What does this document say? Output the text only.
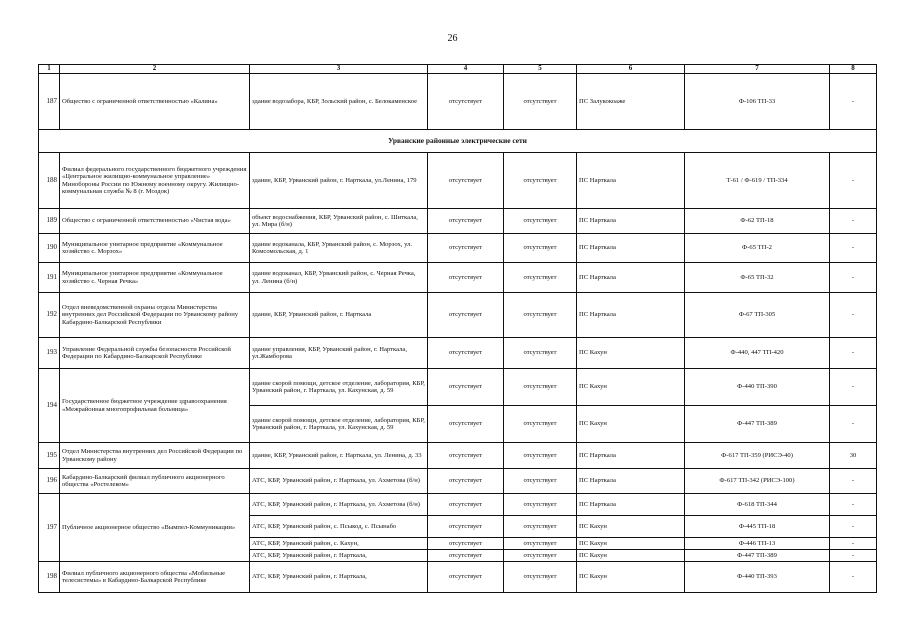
26
1	2	3	4	5	6	7	8
187	Общество с ограниченной ответственностью «Калина»	здание водозабора, КБР, Зольский район, с. Белокаменское	отсутствует	отсутствует	ПС Залукокоаже	Ф-106 ТП-33	-
Урванские районные электрические сети							
188	Филиал федерального государственного бюджетного учреждения «Центральное жилищно-коммунальное управление» Минобороны России по Южному военному округу. Жилищно-коммунальная служба № 8 (г. Моздок)	здание, КБР, Урванский район, г. Нарткала, ул.Ленина, 179	отсутствует	отсутствует	ПС Нарткала	Т-61 / Ф-619 / ТП-334	-
189	Общество с ограниченной ответственностью «Чистая вода»	объект водоснабжения, КБР, Урванский район, с. Шиткала, ул. Мира (б/н)	отсутствует	отсутствует	ПС Нарткала	Ф-62 ТП-18	-
190	Муниципальное унитарное предприятие «Коммунальное хозяйство с. Морзох»	здание водоканала, КБР, Урванский район, с. Морзох, ул. Комсомольская, д. 1	отсутствует	отсутствует	ПС Нарткала	Ф-65 ТП-2	-
191	Муниципальное унитарное предприятие «Коммунальное хозяйство с. Черная Речка»	здание водоканал, КБР, Урванский район, с. Черная Речка, ул. Ленина (б/н)	отсутствует	отсутствует	ПС Нарткала	Ф-65 ТП-32	-
192	Отдел вневедомственной охраны отдела Министерства внутренних дел Российской Федерации по Урванскому району Кабардино-Балкарской Республики	здание, КБР, Урванский район, г. Нарткала	отсутствует	отсутствует	ПС Нарткала	Ф-67 ТП-305	-
193	Управление Федеральной службы безопасности Российской Федерации по Кабардино-Балкарской Республике	здание управления, КБР, Урванский район, г. Нарткала, ул.Жамборова	отсутствует	отсутствует	ПС Кахун	Ф-440, 447 ТП-420	-
194	Государственное бюджетное учреждение здравоохранения «Межрайонная многопрофильная больница»	здание скорой помощи, детское отделение, лаборатория, КБР, Урванский район, г. Нарткала, ул. Кахунская, д. 59	отсутствует	отсутствует	ПС Кахун	Ф-440 ТП-390	-
		здание скорой помощи, детское отделение, лаборатория, КБР, Урванский район, г. Нарткала, ул. Кахунская, д. 59	отсутствует	отсутствует	ПС Кахун	Ф-447 ТП-389	-
195	Отдел Министерства внутренних дел Российской Федерации по Урванскому району	здание, КБР, Урванский район, г. Нарткала, ул. Ленина, д. 33	отсутствует	отсутствует	ПС Нарткала	Ф-617 ТП-359 (РИСЭ-40)	30
196	Кабардино-Балкарский филиал публичного акционерного общества «Ростелеком»	АТС, КБР, Урванский район, г. Нарткала, ул. Ахметова (б/н)	отсутствует	отсутствует	ПС Нарткала	Ф-617 ТП-342 (РИСЭ-100)	-
197	Публичное акционерное общество «Вымпел-Коммуникации»	АТС, КБР, Урванский район, г. Нарткала, ул. Ахметова (б/н)	отсутствует	отсутствует	ПС Нарткала	Ф-618 ТП-344	-
		АТС, КБР, Урванский район, с. Псыкод, с. Псынабо	отсутствует	отсутствует	ПС Кахун	Ф-445 ТП-18	-
		АТС, КБР, Урванский район, с. Кахун,	отсутствует	отсутствует	ПС Кахун	Ф-446 ТП-13	-
		АТС, КБР, Урванский район, г. Нарткала,	отсутствует	отсутствует	ПС Кахун	Ф-447 ТП-389	-
198	Филиал публичного акционерного общества «Мобильные телесистемы» в Кабардино-Балкарской Республике	АТС, КБР, Урванский район, г. Нарткала,	отсутствует	отсутствует	ПС Кахун	Ф-440 ТП-393	-
